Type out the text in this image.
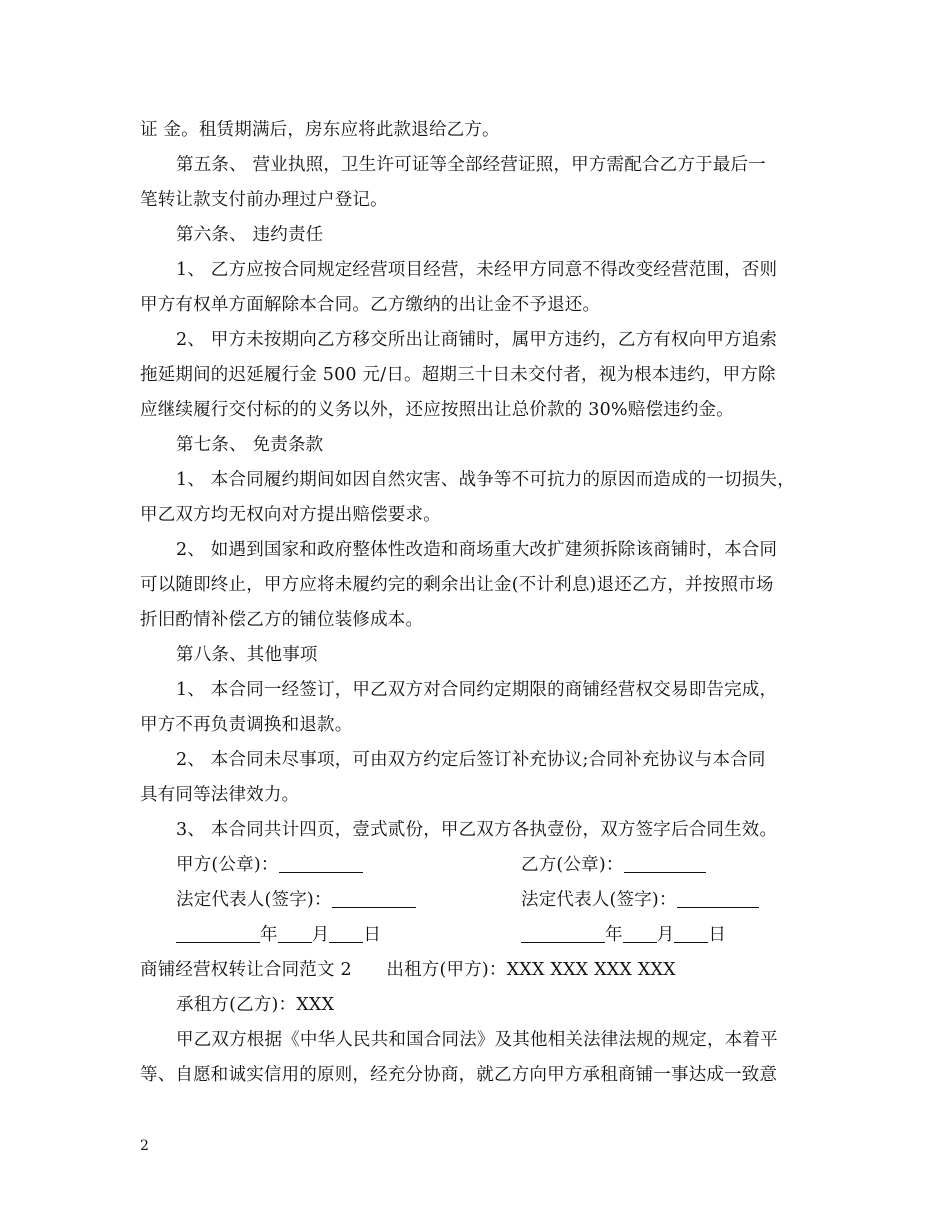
证 金。租赁期满后，房东应将此款退给乙方。
第五条、 营业执照，卫生许可证等全部经营证照，甲方需配合乙方于最后一
笔转让款支付前办理过户登记。
第六条、 违约责任
1、 乙方应按合同规定经营项目经营，未经甲方同意不得改变经营范围，否则
甲方有权单方面解除本合同。乙方缴纳的出让金不予退还。
2、 甲方未按期向乙方移交所出让商铺时，属甲方违约，乙方有权向甲方追索
拖延期间的迟延履行金 500 元/日。超期三十日未交付者，视为根本违约，甲方除
应继续履行交付标的的义务以外，还应按照出让总价款的 30%赔偿违约金。
第七条、 免责条款
1、 本合同履约期间如因自然灾害、战争等不可抗力的原因而造成的一切损失，
甲乙双方均无权向对方提出赔偿要求。
2、 如遇到国家和政府整体性改造和商场重大改扩建须拆除该商铺时，本合同
可以随即终止，甲方应将未履约完的剩余出让金(不计利息)退还乙方，并按照市场
折旧酌情补偿乙方的铺位装修成本。
第八条、其他事项
1、 本合同一经签订，甲乙双方对合同约定期限的商铺经营权交易即告完成，
甲方不再负责调换和退款。
2、 本合同未尽事项，可由双方约定后签订补充协议;合同补充协议与本合同
具有同等法律效力。
3、 本合同共计四页，壹式贰份，甲乙双方各执壹份，双方签字后合同生效。
甲方(公章)：	乙方(公章)：
法定代表人(签字)：	法定代表人(签字)：
年 月 日	年 月 日
商铺经营权转让合同范文 2      出租方(甲方)：XXX XXX XXX XXX
承租方(乙方)：XXX
甲乙双方根据《中华人民共和国合同法》及其他相关法律法规的规定，本着平
等、自愿和诚实信用的原则，经充分协商，就乙方向甲方承租商铺一事达成一致意
2
